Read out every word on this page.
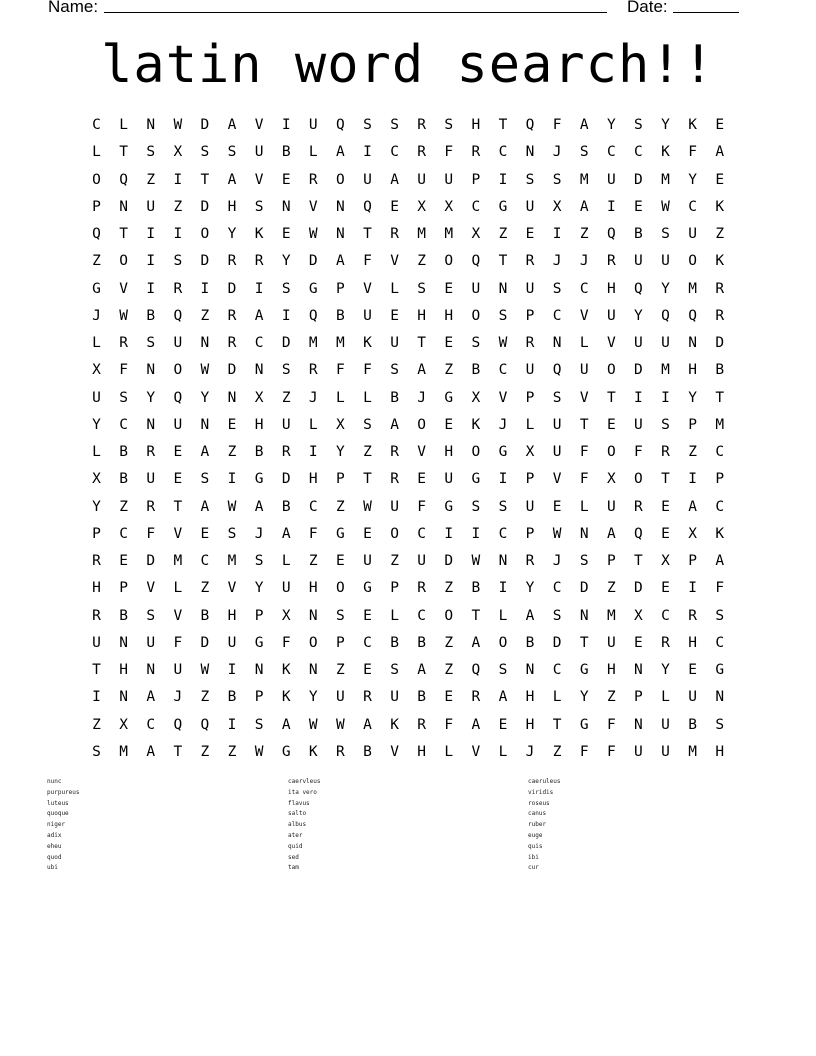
Name:	Date:
latin word search!!
C	L	N	W	D	A	V	I	U	Q	S	S	R	S	H	T	Q	F	A	Y	S	Y	K	E
L	T	S	X	S	S	U	B	L	A	I	C	R	F	R	C	N	J	S	C	C	K	F	A
O	Q	Z	I	T	A	V	E	R	O	U	A	U	U	P	I	S	S	M	U	D	M	Y	E
P	N	U	Z	D	H	S	N	V	N	Q	E	X	X	C	G	U	X	A	I	E	W	C	K
Q	T	I	I	O	Y	K	E	W	N	T	R	M	M	X	Z	E	I	Z	Q	B	S	U	Z
Z	O	I	S	D	R	R	Y	D	A	F	V	Z	O	Q	T	R	J	J	R	U	U	O	K
G	V	I	R	I	D	I	S	G	P	V	L	S	E	U	N	U	S	C	H	Q	Y	M	R
J	W	B	Q	Z	R	A	I	Q	B	U	E	H	H	O	S	P	C	V	U	Y	Q	Q	R
L	R	S	U	N	R	C	D	M	M	K	U	T	E	S	W	R	N	L	V	U	U	N	D
X	F	N	O	W	D	N	S	R	F	F	S	A	Z	B	C	U	Q	U	O	D	M	H	B
U	S	Y	Q	Y	N	X	Z	J	L	L	B	J	G	X	V	P	S	V	T	I	I	Y	T
Y	C	N	U	N	E	H	U	L	X	S	A	O	E	K	J	L	U	T	E	U	S	P	M
L	B	R	E	A	Z	B	R	I	Y	Z	R	V	H	O	G	X	U	F	O	F	R	Z	C
X	B	U	E	S	I	G	D	H	P	T	R	E	U	G	I	P	V	F	X	O	T	I	P
Y	Z	R	T	A	W	A	B	C	Z	W	U	F	G	S	S	U	E	L	U	R	E	A	C
P	C	F	V	E	S	J	A	F	G	E	O	C	I	I	C	P	W	N	A	Q	E	X	K
R	E	D	M	C	M	S	L	Z	E	U	Z	U	D	W	N	R	J	S	P	T	X	P	A
H	P	V	L	Z	V	Y	U	H	O	G	P	R	Z	B	I	Y	C	D	Z	D	E	I	F
R	B	S	V	B	H	P	X	N	S	E	L	C	O	T	L	A	S	N	M	X	C	R	S
U	N	U	F	D	U	G	F	O	P	C	B	B	Z	A	O	B	D	T	U	E	R	H	C
T	H	N	U	W	I	N	K	N	Z	E	S	A	Z	Q	S	N	C	G	H	N	Y	E	G
I	N	A	J	Z	B	P	K	Y	U	R	U	B	E	R	A	H	L	Y	Z	P	L	U	N
Z	X	C	Q	Q	I	S	A	W	W	A	K	R	F	A	E	H	T	G	F	N	U	B	S
S	M	A	T	Z	Z	W	G	K	R	B	V	H	L	V	L	J	Z	F	F	U	U	M	H
nunc
purpureus
luteus
quoque
niger
adix
eheu
quod
ubi
caervleus
ita vero
flavus
salto
albus
ater
quid
sed
tam
caeruleus
viridis
roseus
canus
ruber
euge
quis
ibi
cur
